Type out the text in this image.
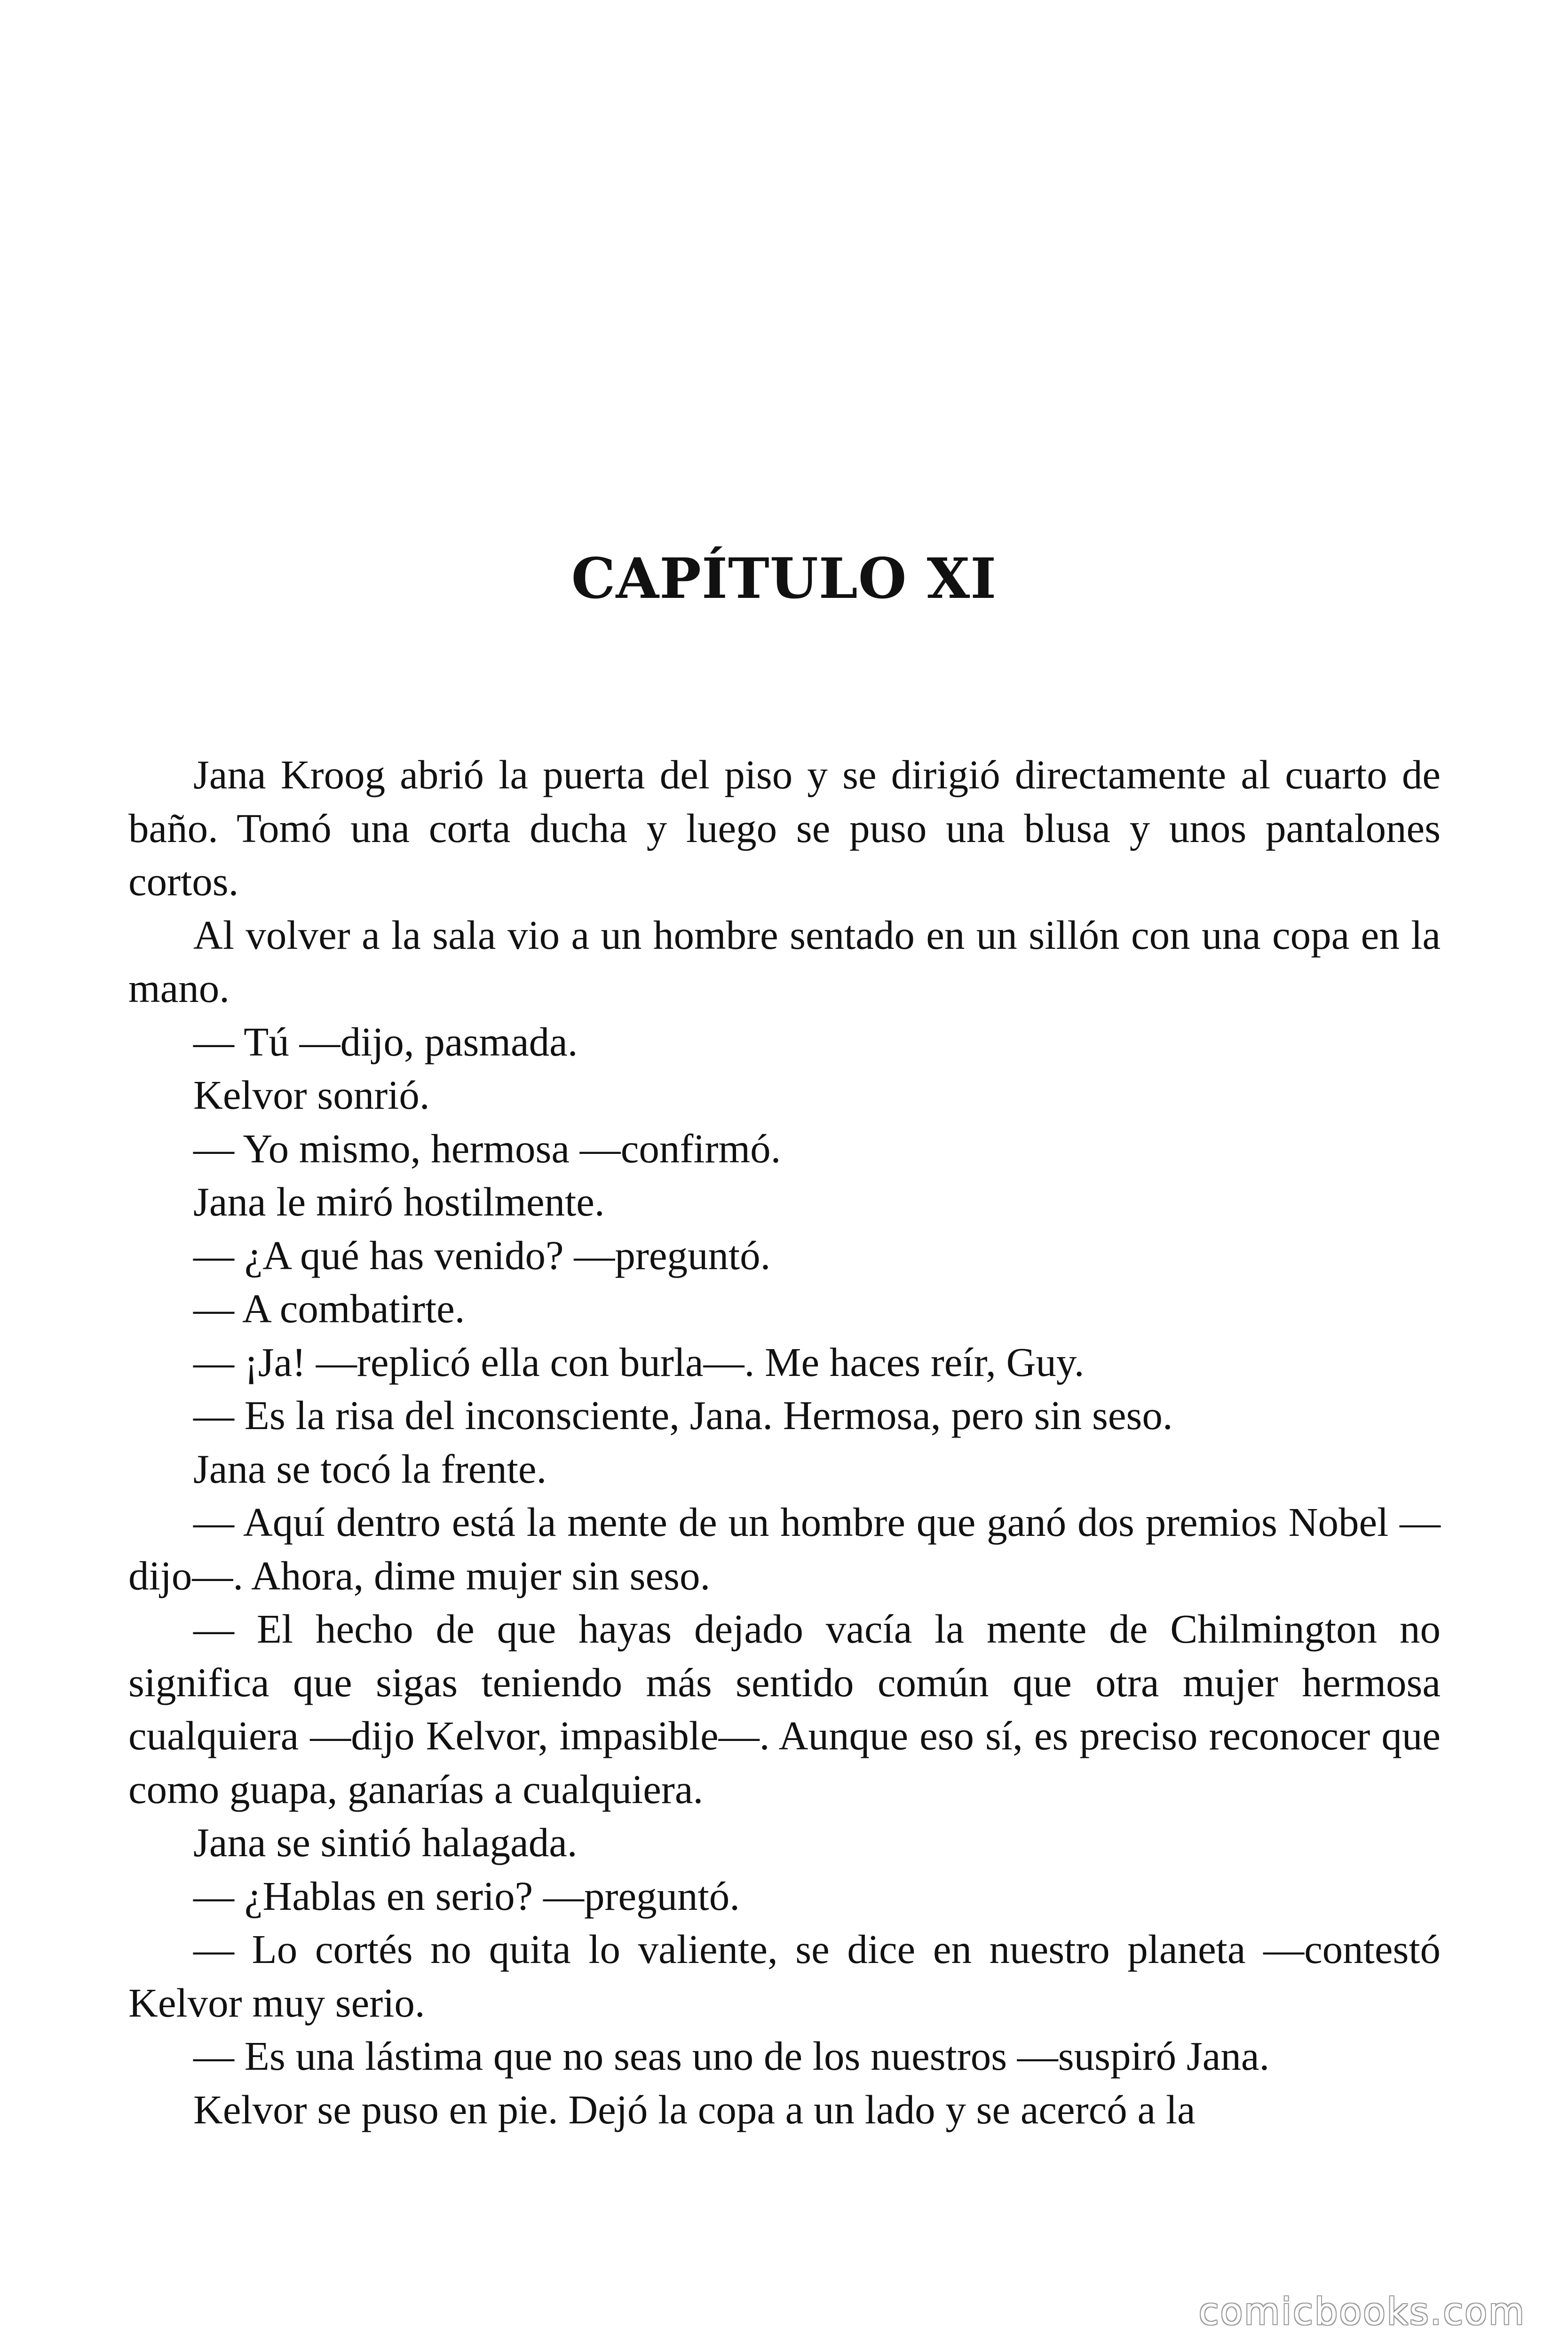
CAPÍTULO XI

Jana Kroog abrió la puerta del piso y se dirigió directamente al cuarto de baño. Tomó una corta ducha y luego se puso una blusa y unos pantalones cortos.

Al volver a la sala vio a un hombre sentado en un sillón con una copa en la mano.

— Tú —dijo, pasmada.

Kelvor sonrió.

— Yo mismo, hermosa —confirmó.

Jana le miró hostilmente.

— ¿A qué has venido? —preguntó.

— A combatirte.

— ¡Ja! —replicó ella con burla—. Me haces reír, Guy.

— Es la risa del inconsciente, Jana. Hermosa, pero sin seso.

Jana se tocó la frente.

— Aquí dentro está la mente de un hombre que ganó dos premios Nobel —dijo—. Ahora, dime mujer sin seso.

— El hecho de que hayas dejado vacía la mente de Chilmington no significa que sigas teniendo más sentido común que otra mujer hermosa cualquiera —dijo Kelvor, impasible—. Aunque eso sí, es preciso reconocer que como guapa, ganarías a cualquiera.

Jana se sintió halagada.

— ¿Hablas en serio? —preguntó.

— Lo cortés no quita lo valiente, se dice en nuestro planeta —contestó Kelvor muy serio.

— Es una lástima que no seas uno de los nuestros —suspiró Jana.

Kelvor se puso en pie. Dejó la copa a un lado y se acercó a la

comicbooks.com
